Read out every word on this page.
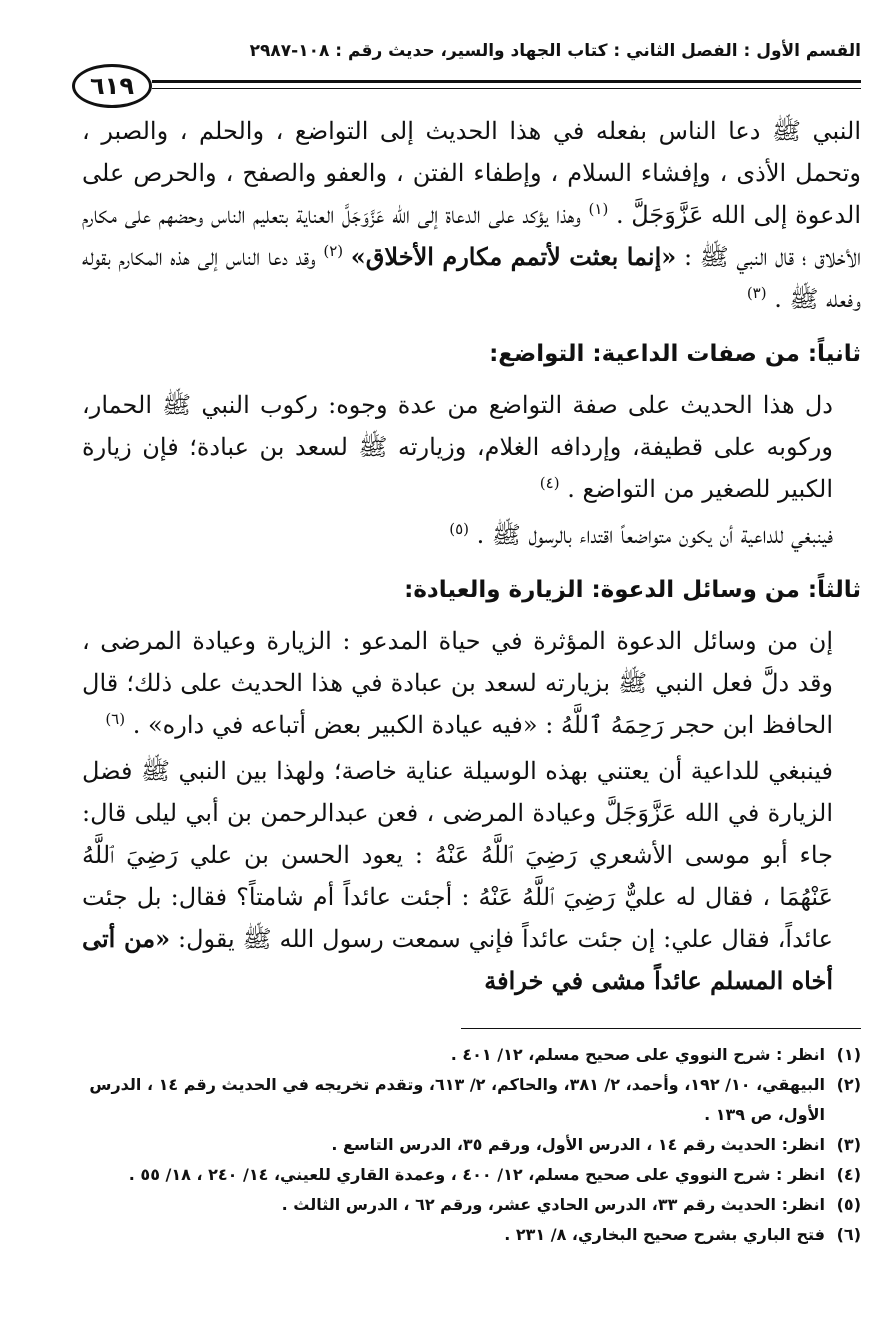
القسم الأول : الفصل الثاني : كتاب الجهاد والسير، حديث رقم : ١٠٨-٢٩٨٧
٦١٩

النبي ﷺ دعا الناس بفعله في هذا الحديث إلى التواضع ، والحلم ، والصبر ، وتحمل الأذى ، وإفشاء السلام ، وإطفاء الفتن ، والعفو والصفح ، والحرص على الدعوة إلى الله عَزَّوَجَلَّ . $^{(١)}$ وهذا يؤكد على الدعاة إلى الله عَزَّوَجَلَّ العناية بتعليم الناس وحضهم على مكارم الأخلاق ؛ قال النبي ﷺ : «إنما بعثت لأتمم مكارم الأخلاق» $^{(٢)}$ وقد دعا الناس إلى هذه المكارم بقوله وفعله ﷺ . $^{(٣)}$

ثانياً: من صفات الداعية: التواضع:

دل هذا الحديث على صفة التواضع من عدة وجوه: ركوب النبي ﷺ الحمار، وركوبه على قطيفة، وإردافه الغلام، وزيارته ﷺ لسعد بن عبادة؛ فإن زيارة الكبير للصغير من التواضع . $^{(٤)}$

فينبغي للداعية أن يكون متواضعاً اقتداء بالرسول ﷺ . $^{(٥)}$

ثالثاً: من وسائل الدعوة: الزيارة والعيادة:

إن من وسائل الدعوة المؤثرة في حياة المدعو : الزيارة وعيادة المرضى ، وقد دلَّ فعل النبي ﷺ بزيارته لسعد بن عبادة في هذا الحديث على ذلك؛ قال الحافظ ابن حجر رَحِمَهُ ٱللَّهُ : «فيه عيادة الكبير بعض أتباعه في داره» . $^{(٦)}$

فينبغي للداعية أن يعتني بهذه الوسيلة عناية خاصة؛ ولهذا بين النبي ﷺ فضل الزيارة في الله عَزَّوَجَلَّ وعيادة المرضى ، فعن عبدالرحمن بن أبي ليلى قال: جاء أبو موسى الأشعري رَضِيَ ٱللَّهُ عَنْهُ : يعود الحسن بن علي رَضِيَ ٱللَّهُ عَنْهُمَا ، فقال له عليٌّ رَضِيَ ٱللَّهُ عَنْهُ : أجئت عائداً أم شامتاً؟ فقال: بل جئت عائداً، فقال علي: إن جئت عائداً فإني سمعت رسول الله ﷺ يقول: «من أتى أخاه المسلم عائداً مشى في خرافة

(١)
انظر : شرح النووي على صحيح مسلم، ١٢/ ٤٠١ .
(٢)
البيهقي، ١٠/ ١٩٢، وأحمد، ٢/ ٣٨١، والحاكم، ٢/ ٦١٣، وتقدم تخريجه في الحديث رقم ١٤ ، الدرس الأول، ص ١٣٩ .
(٣)
انظر: الحديث رقم ١٤ ، الدرس الأول، ورقم ٣٥، الدرس التاسع .
(٤)
انظر : شرح النووي على صحيح مسلم، ١٢/ ٤٠٠ ، وعمدة القاري للعيني، ١٤/ ٢٤٠ ، ١٨/ ٥٥ .
(٥)
انظر: الحديث رقم ٣٣، الدرس الحادي عشر، ورقم ٦٢ ، الدرس الثالث .
(٦)
فتح الباري بشرح صحيح البخاري، ٨/ ٢٣١ .
